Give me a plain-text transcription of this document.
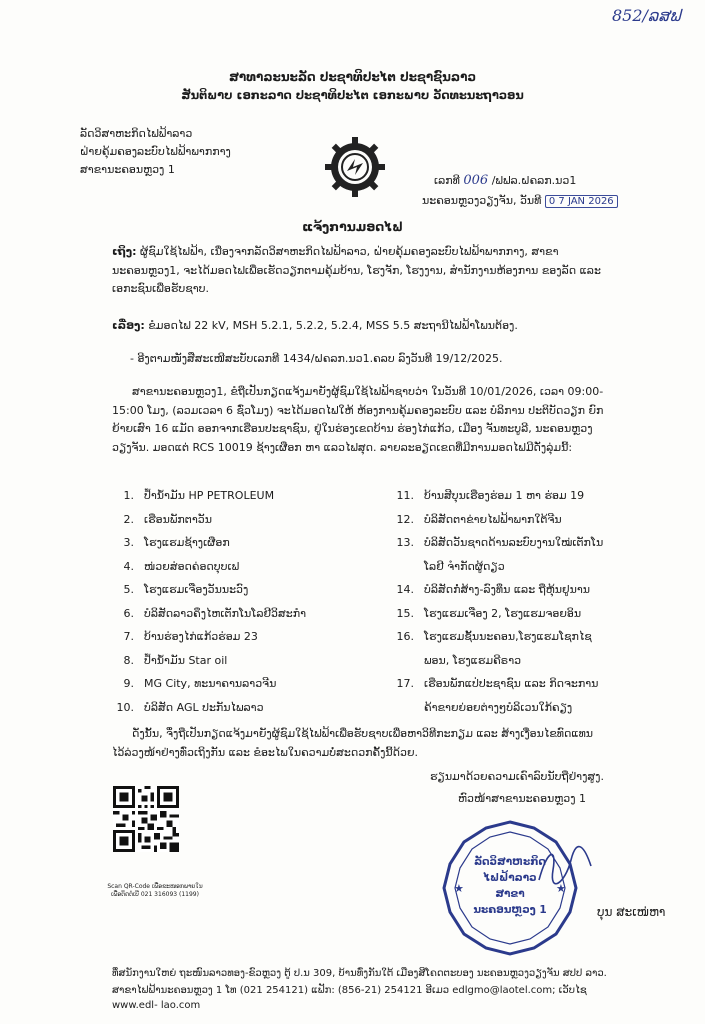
852/ລສຟ
ສາທາລະນະລັດ ປະຊາທິປະໄຕ ປະຊາຊົນລາວ
ສັນຕິພາບ ເອກະລາດ ປະຊາທິປະໄຕ ເອກະພາບ ວັດທະນະຖາວອນ
ລັດວິສາຫະກິດໄຟຟ້າລາວ
ຝ່າຍຄຸ້ມຄອງລະບົບໄຟຟ້າພາກກາງ
ສາຂານະຄອນຫຼວງ 1
ເລກທີ 006 /ຟຟລ.ຝຄລກ.ນວ1
ນະຄອນຫຼວງວຽງຈັນ, ວັນທີ 0 7 JAN 2026
ແຈ້ງການມອດໄຟ
ເຖິງ: ຜູ້ຊົມໃຊ້ໄຟຟ້າ, ເນື່ອງຈາກລັດວິສາຫະກິດໄຟຟ້າລາວ, ຝ່າຍຄຸ້ມຄອງລະບົບໄຟຟ້າພາກກາງ, ສາຂານະຄອນຫຼວງ1, ຈະໄດ້ມອດໄຟເພື່ອເຮັດວຽກຕາມຄຸ້ມບ້ານ, ໂຮງຈັກ, ໂຮງງານ, ສໍານັກງານຫ້ອງການ ຂອງລັດ ແລະ ເອກະຊົນເພື່ອຮັບຊາບ.
ເລື່ອງ: ຂໍມອດໄຟ 22 kV, MSH 5.2.1, 5.2.2, 5.2.4, MSS 5.5 ສະຖານີໄຟຟ້າໂພນຕ້ອງ.
- ອີງຕາມໜັງສືສະເໜີສະບັບເລກທີ 1434/ຝຄລກ.ນວ1.ຄລບ ລົງວັນທີ 19/12/2025.
ສາຂານະຄອນຫຼວງ1, ຂໍຖືເປັນກຽດແຈ້ງມາຍັງຜູ້ຊົມໃຊ້ໄຟຟ້າຊາບວ່າ ໃນວັນທີ 10/01/2026, ເວລາ 09:00- 15:00 ໂມງ, (ລວມເວລາ 6 ຊົ່ວໂມງ) ຈະໄດ້ມອດໄຟໃຫ້ ຫ້ອງການຄຸ້ມຄອງລະບົບ ແລະ ບໍລິການ ປະຕິບັດວຽກ ຍົກຍ້າຍເສົາ 16 ແມັດ ອອກຈາກເຮືອນປະຊາຊົນ, ຢູ່ໃນຮ່ອງເຂດບ້ານ ຮ່ອງໄກ່ແກ້ວ, ເມືອງ ຈັນທະບູລີ, ນະຄອນຫຼວງວຽງຈັນ. ມອດແຕ່ RCS 10019 ຊ້າງເຜືອກ ຫາ ແລວໄຟສຸດ. ລາຍລະອຽດເຂດທີ່ມີການມອດໄຟມີດັ່ງລຸ່ມນີ້:
1. ປໍ້ານໍ້າມັນ HP PETROLEUM
2. ເຮືອນພັກຕາວັນ
3. ໂຮງແຮມຊ້າງເຜືອກ
4. ໜ່ວຍສ່ອດຄ່ອດບຸບເຟ
5. ໂຮງແຮມເຈືອງວັນນະວົງ
6. ບໍລິສັດລາວຄຶງໄຫເຕັກໂນໂລຢີວິສະກຳ
7. ບ້ານຮ່ອງໄກ່ແກ້ວຮ່ອມ 23
8. ປໍ້ານໍ້າມັນ Star oil
9. MG City, ທະນາຄານລາວຈີນ
10. ບໍລິສັດ AGL ປະກັນໄພລາວ
11. ບ້ານສີບຸນເຮືອງຮ່ອມ 1 ຫາ ຮ່ອມ 19
12. ບໍລິສັດຕາຂ່າຍໄຟຟ້າພາກໃຕ້ຈີນ
13. ບໍລິສັດວັນຊາດດ້ານລະບົບງານໃໝ່ເຕັກໂນ
ໂລຢີ ຈຳກັດຜູ້ດຽວ
14. ບໍລິສັດກໍ່ສ້າງ-ລົງທຶນ ແລະ ຖືຫຸ້ນຢູນານ
15. ໂຮງແຮມເຈືອງ 2, ໂຮງແຮມຈອຍອິນ
16. ໂຮງແຮມຊັ້ນນະຄອນ,ໂຮງແຮມໂຊກໄຊ
ພອນ, ໂຮງແຮມຄີຣາວ
17. ເຮືອນພັກແປ່ປະຊາຊົນ ແລະ ກິດຈະການ
ຄ້າຂາຍຍ່ອຍຕ່າງໆບໍລິເວນໃກ້ຄຽງ
ດັ່ງນັ້ນ, ຈຶ່ງຖືເປັນກຽດແຈ້ງມາຍັງຜູ້ຊົມໃຊ້ໄຟຟ້າເພື່ອຮັບຊາບເພື່ອຫາວິທີກະກຽມ ແລະ ສ້າງເງື່ອນໄຂທົດແທນ ໄວ້ລ່ວງໜ້າຢ່າງທົ່ວເຖິງກັນ ແລະ ຂໍອະໄພໃນຄວາມບໍ່ສະດວກຄັ້ງນີ້ດ້ວຍ.
ຮຽນມາດ້ວຍຄວາມເຄົາລົບນັບຖືຢ່າງສູງ.
ຫົວໜ້າສາຂານະຄອນຫຼວງ 1
Scan QR-Code ເພື່ອຂະໜອກພາຍໃນ ເພື່ອຕິດຕໍ່ເບີ 021 316093 (1199)	★	★
ລັດວິສາຫະກິດ
ໄຟຟ້າລາວ ສາຂາ
ນະຄອນຫຼວງ 1	ບຸນ ສະເໜ່ຫາ
ທ່ຶສນັກງານໃຫຍ່ ຖະໜົນລາວທອງ-ຂົວຫຼວງ ຕູ້ ປ.ນ 309, ບ້ານທົ່ງກັນໃຕ້ ເມືອງສີໂຄດຕະບອງ ນະຄອນຫຼວງວຽງຈັນ ສປປ ລາວ.
ສາຂາໄຟຟ້ານະຄອນຫຼວງ 1 ໂທ (021 254121) ແຟັກ: (856-21) 254121 ອີເມວ edlgmo@laotel.com; ເວັບໄຊ www.edl- lao.com
